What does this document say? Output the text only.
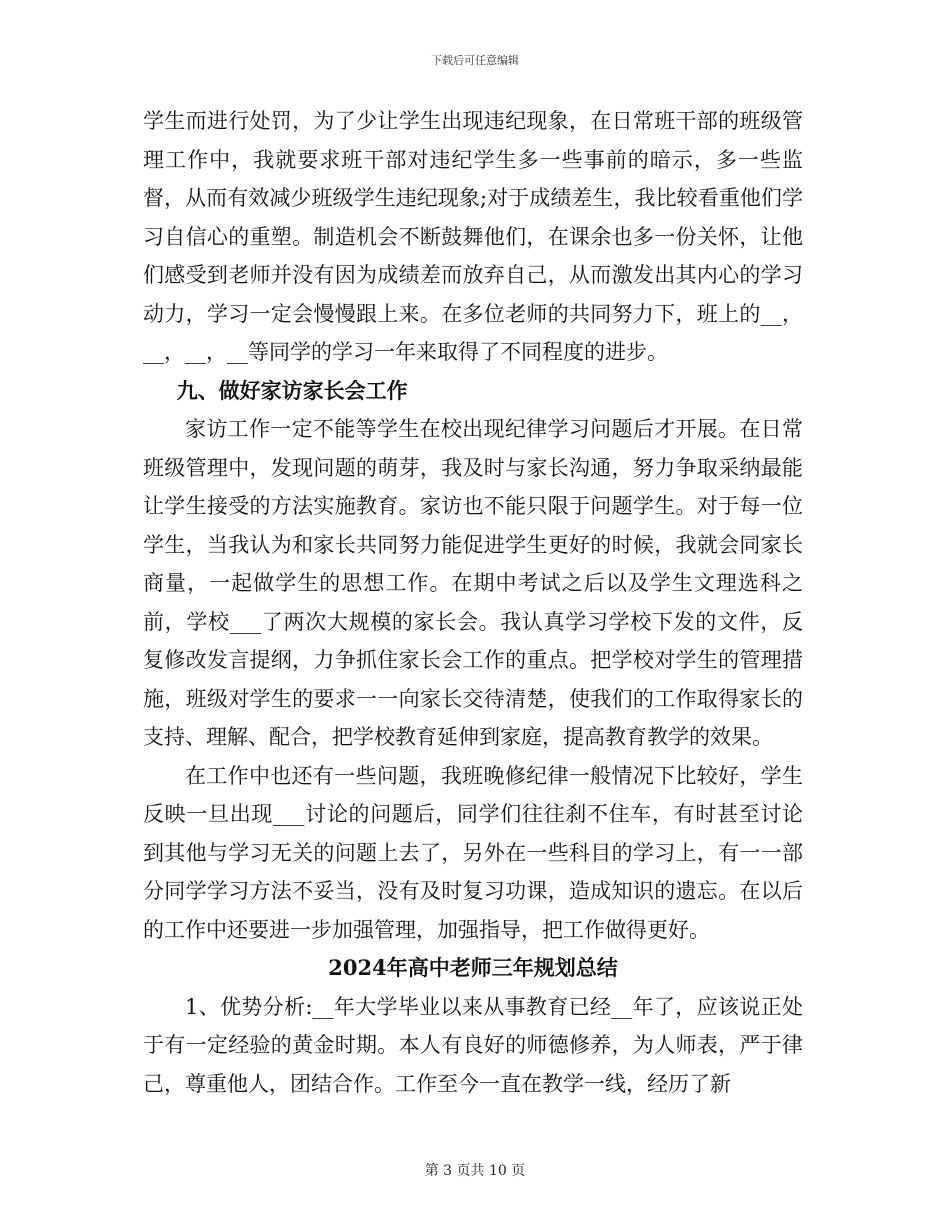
下载后可任意编辑

学生而进行处罚，为了少让学生出现违纪现象，在日常班干部的班级管理工作中，我就要求班干部对违纪学生多一些事前的暗示，多一些监督，从而有效减少班级学生违纪现象;对于成绩差生，我比较看重他们学习自信心的重塑。制造机会不断鼓舞他们，在课余也多一份关怀，让他们感受到老师并没有因为成绩差而放弃自己，从而激发出其内心的学习动力，学习一定会慢慢跟上来。在多位老师的共同努力下，班上的__，__，__，__等同学的学习一年来取得了不同程度的进步。

九、做好家访家长会工作

家访工作一定不能等学生在校出现纪律学习问题后才开展。在日常班级管理中，发现问题的萌芽，我及时与家长沟通，努力争取采纳最能让学生接受的方法实施教育。家访也不能只限于问题学生。对于每一位学生，当我认为和家长共同努力能促进学生更好的时候，我就会同家长商量，一起做学生的思想工作。在期中考试之后以及学生文理选科之前，学校___了两次大规模的家长会。我认真学习学校下发的文件，反复修改发言提纲，力争抓住家长会工作的重点。把学校对学生的管理措施，班级对学生的要求一一向家长交待清楚，使我们的工作取得家长的支持、理解、配合，把学校教育延伸到家庭，提高教育教学的效果。

在工作中也还有一些问题，我班晚修纪律一般情况下比较好，学生反映一旦出现___讨论的问题后，同学们往往刹不住车，有时甚至讨论到其他与学习无关的问题上去了，另外在一些科目的学习上，有一一部分同学学习方法不妥当，没有及时复习功课，造成知识的遗忘。在以后的工作中还要进一步加强管理，加强指导，把工作做得更好。

2024年高中老师三年规划总结

1、优势分析:__年大学毕业以来从事教育已经__年了，应该说正处于有一定经验的黄金时期。本人有良好的师德修养，为人师表，严于律己，尊重他人，团结合作。工作至今一直在教学一线，经历了新

第 3 页共 10 页
